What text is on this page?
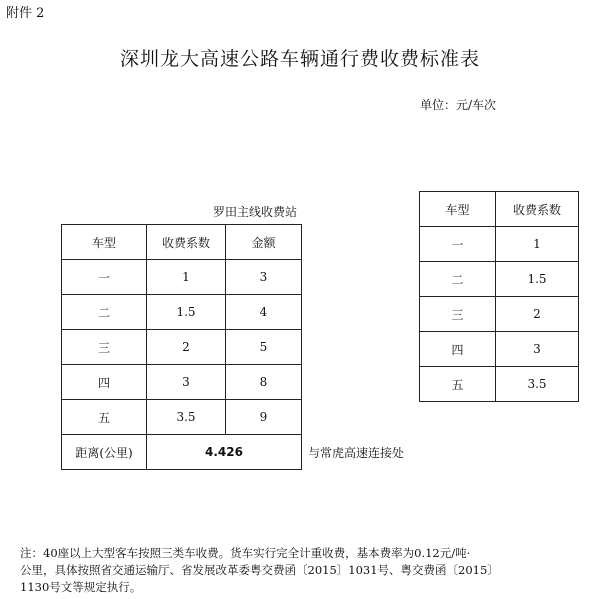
附件 2
深圳龙大高速公路车辆通行费收费标准表
单位：元/车次
罗田主线收费站
车型	收费系数	金额
一	1	3
二	1.5	4
三	2	5
四	3	8
五	3.5	9
距离(公里)	4.426		与常虎高速连接处
车型	收费系数
一	1
二	1.5
三	2
四	3
五	3.5
注：40座以上大型客车按照三类车收费。货车实行完全计重收费，基本费率为0.12元/吨·
公里，具体按照省交通运输厅、省发展改革委粤交费函〔2015〕1031号、粤交费函〔2015〕
1130号文等规定执行。
